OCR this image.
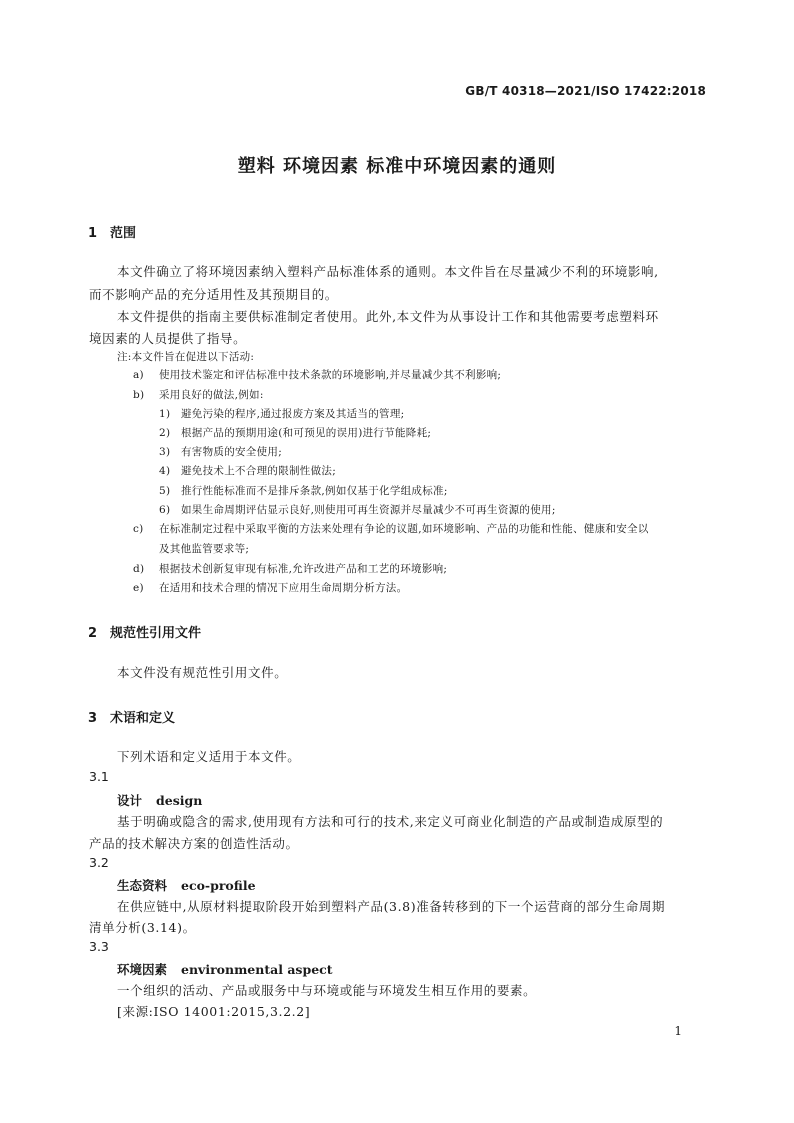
GB/T 40318—2021/ISO 17422:2018
塑料 环境因素 标准中环境因素的通则
1 范围
本文件确立了将环境因素纳入塑料产品标准体系的通则。本文件旨在尽量减少不利的环境影响,
而不影响产品的充分适用性及其预期目的。
本文件提供的指南主要供标准制定者使用。此外,本文件为从事设计工作和其他需要考虑塑料环
境因素的人员提供了指导。
注:本文件旨在促进以下活动:
a) 使用技术鉴定和评估标准中技术条款的环境影响,并尽量减少其不利影响;
b) 采用良好的做法,例如:
1) 避免污染的程序,通过报废方案及其适当的管理;
2) 根据产品的预期用途(和可预见的误用)进行节能降耗;
3) 有害物质的安全使用;
4) 避免技术上不合理的限制性做法;
5) 推行性能标准而不是排斥条款,例如仅基于化学组成标准;
6) 如果生命周期评估显示良好,则使用可再生资源并尽量减少不可再生资源的使用;
c) 在标准制定过程中采取平衡的方法来处理有争论的议题,如环境影响、产品的功能和性能、健康和安全以
及其他监管要求等;
d) 根据技术创新复审现有标准,允许改进产品和工艺的环境影响;
e) 在适用和技术合理的情况下应用生命周期分析方法。
2 规范性引用文件
本文件没有规范性引用文件。
3 术语和定义
下列术语和定义适用于本文件。
3.1
设计 design
基于明确或隐含的需求,使用现有方法和可行的技术,来定义可商业化制造的产品或制造成原型的
产品的技术解决方案的创造性活动。
3.2
生态资料 eco-profile
在供应链中,从原材料提取阶段开始到塑料产品(3.8)准备转移到的下一个运营商的部分生命周期
清单分析(3.14)。
3.3
环境因素 environmental aspect
一个组织的活动、产品或服务中与环境或能与环境发生相互作用的要素。
[来源:ISO 14001:2015,3.2.2]
1
